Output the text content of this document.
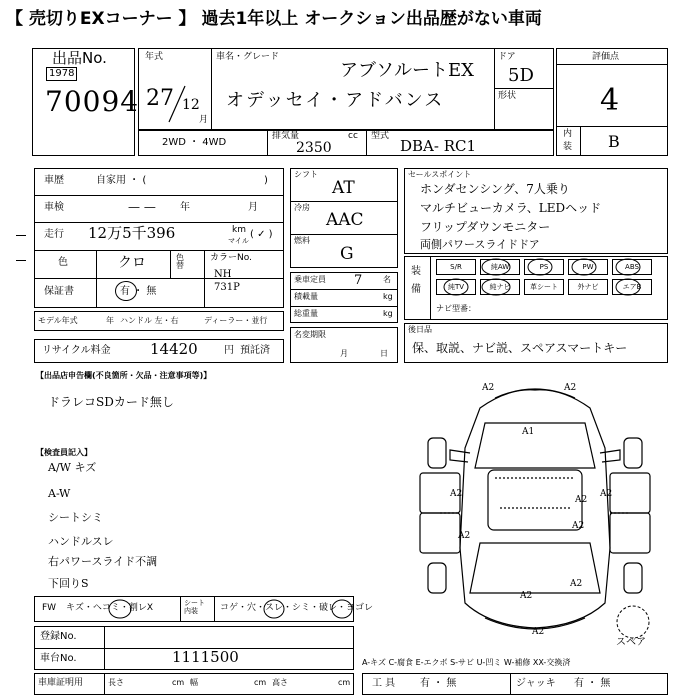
【 売切りEXコーナー 】 過去1年以上 オークション出品歴がない車両
出品No.
1978
70094
年式
27 12
月
車名・グレード
アブソルートEX
オデッセイ・アドバンス
ドア
5D
形状
評価点
4
内
装 B
2WD ・ 4WD
排気量	cc
2350
型式
DBA- RC1
車歴	自家用 ・ (	)
車検	— — 年	月
走行 12万5千396	km
マイル
( ✓ )
色	クロ	色替
カラーNo.
NH 731P
保証書	有 ・ 無
モデル年式	年 ハンドル 左・右	ディーラー・並行
リサイクル料金	14420	円 預託済
シフト
AT
冷房
AAC
燃料
G
乗車定員 7	名
積載量	kg
総重量	kg
名変期限
月	日
セールスポイント
ホンダセンシング、7人乗り
マルチビューカメラ、LEDヘッド
フリップダウンモニター
両側パワースライドドア
装
備
S/R	純AW	PS	PW	ABS
純TV	純ナビ	革シート	外ナビ	エアB
ナビ型番：
後日品
保、取説、ナビ説、スペアスマートキー
【出品店申告欄(不良箇所・欠品・注意事項等)】
ドラレコSDカード無し
【検査員記入】
A/W キズ
A-W
シートシミ
ハンドルスレ
右パワースライド不調
下回りS
FW キズ・ヘコミ・割レX	シート内装	コゲ・穴・スレ・シミ・破レ・ヨゴレ
登録No.
車台No.	1111500
車庫証明用	長さ	cm 幅	cm 高さ	cm
A2	A2
A1
A2
A2
A2
A2
A2
A2
A2
A2
スペア
A-キズ C-腐食 E-エクボ S-サビ U-凹ミ W-補修 XX-交換済
工 具 有 ・ 無	ジャッキ 有 ・ 無
